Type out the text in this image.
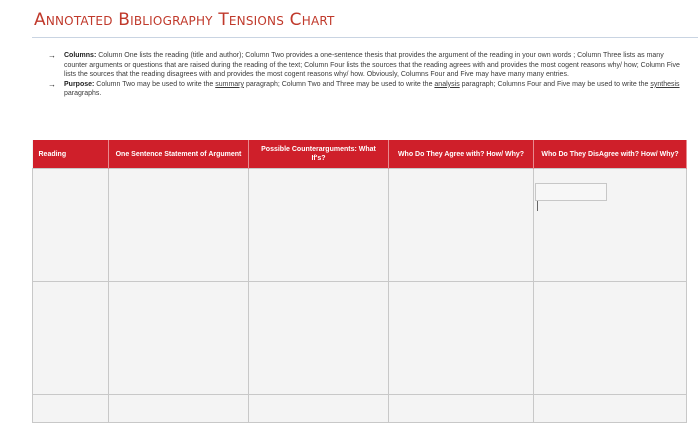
Annotated Bibliography Tensions Chart
→	Columns: Column One lists the reading (title and author); Column Two provides a one-sentence thesis that provides the argument of the reading in your own words ; Column Three lists as many counter arguments or questions that are raised during the reading of the text; Column Four lists the sources that the reading agrees with and provides the most cogent reasons why/ how; Column Five lists the sources that the reading disagrees with and provides the most cogent reasons why/ how. Obviously, Columns Four and Five may have many many entries.
→	Purpose: Column Two may be used to write the summary paragraph; Column Two and Three may be used to write the analysis paragraph; Columns Four and Five may be used to write the synthesis paragraphs.
Reading	One Sentence Statement of Argument	Possible Counterarguments: What If's?	Who Do They Agree with? How/ Why?	Who Do They DisAgree with? How/ Why?
